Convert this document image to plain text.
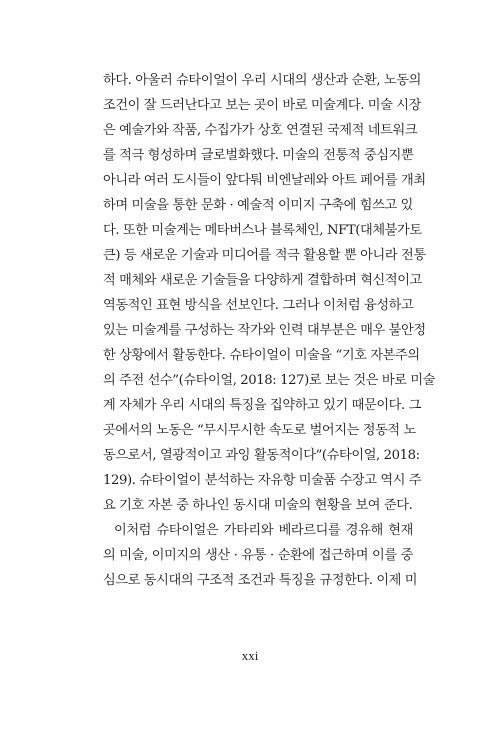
하다. 아울러 슈타이얼이 우리 시대의 생산과 순환, 노동의
조건이 잘 드러난다고 보는 곳이 바로 미술계다. 미술 시장
은 예술가와 작품, 수집가가 상호 연결된 국제적 네트워크
를 적극 형성하며 글로벌화했다. 미술의 전통적 중심지뿐
아니라 여러 도시들이 앞다퉈 비엔날레와 아트 페어를 개최
하며 미술을 통한 문화 · 예술적 이미지 구축에 힘쓰고 있
다. 또한 미술계는 메타버스나 블록체인, NFT(대체불가토
큰) 등 새로운 기술과 미디어를 적극 활용할 뿐 아니라 전통
적 매체와 새로운 기술들을 다양하게 결합하며 혁신적이고
역동적인 표현 방식을 선보인다. 그러나 이처럼 융성하고
있는 미술계를 구성하는 작가와 인력 대부분은 매우 불안정
한 상황에서 활동한다. 슈타이얼이 미술을 “기호 자본주의
의 주전 선수”(슈타이얼, 2018: 127)로 보는 것은 바로 미술
계 자체가 우리 시대의 특징을 집약하고 있기 때문이다. 그
곳에서의 노동은 “무시무시한 속도로 벌어지는 정동적 노
동으로서, 열광적이고 과잉 활동적이다”(슈타이얼, 2018:
129). 슈타이얼이 분석하는 자유항 미술품 수장고 역시 주
요 기호 자본 중 하나인 동시대 미술의 현황을 보여 준다.
이처럼 슈타이얼은 가타리와 베라르디를 경유해 현재
의 미술, 이미지의 생산 · 유통 · 순환에 접근하며 이를 중
심으로 동시대의 구조적 조건과 특징을 규정한다. 이제 미
xxi
